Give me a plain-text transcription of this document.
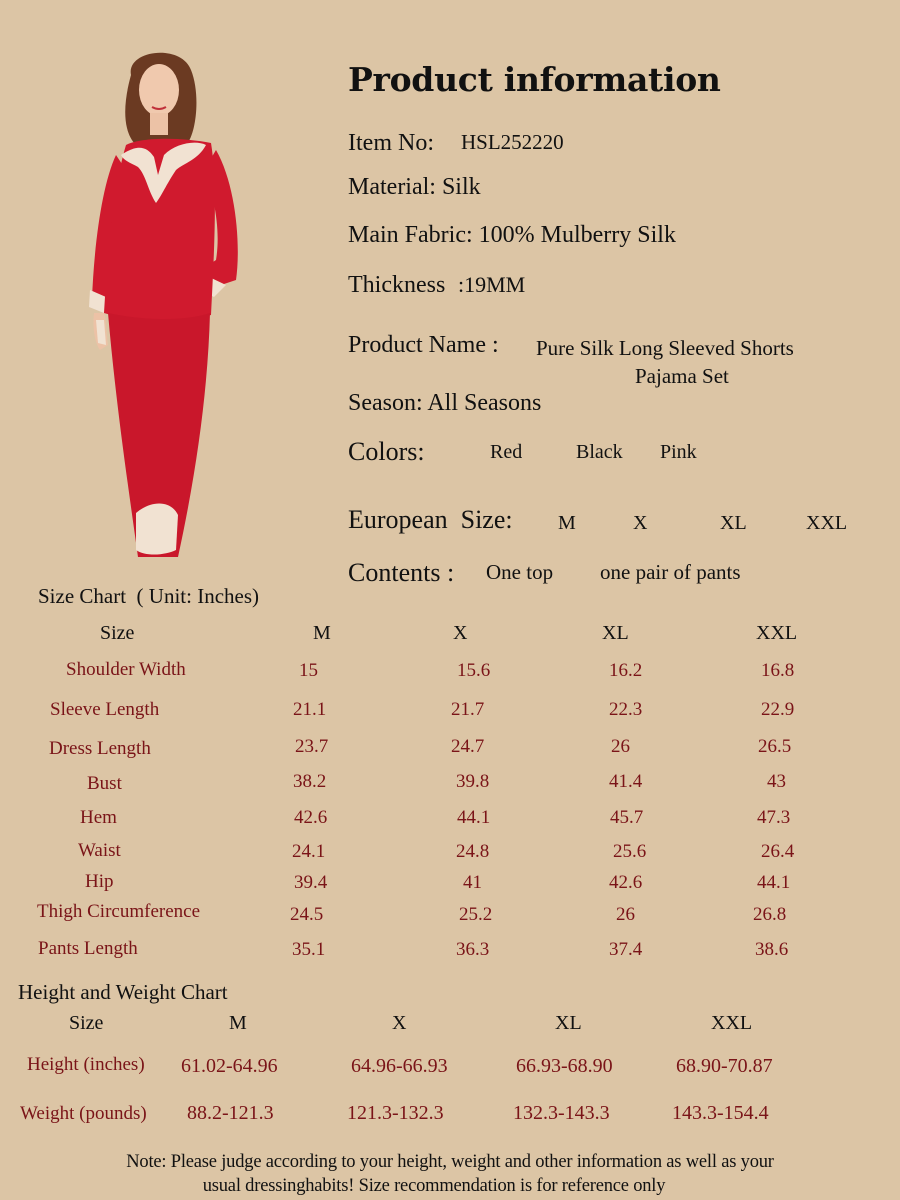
Product information
Item No: HSL252220
Material: Silk
Main Fabric: 100% Mulberry Silk
Thickness :19MM
Product Name : Pure Silk Long Sleeved Shorts
Pajama Set
Season: All Seasons
Colors:	Red	Black Pink
European  Size: M	X	XL	XXL
Contents : One top one pair of pants
Size Chart  ( Unit: Inches)
Size	M	X	XL	XXL
Shoulder Width	15	15.6	16.2	16.8
Sleeve Length	21.1	21.7	22.3	22.9
Dress Length	23.7	24.7	26	26.5
Bust	38.2	39.8	41.4	43
Hem	42.6	44.1	45.7	47.3
Waist	24.1	24.8	25.6	26.4
Hip	39.4	41	42.6	44.1
Thigh Circumference	24.5	25.2	26	26.8
Pants Length	35.1	36.3	37.4	38.6
Height and Weight Chart
Size	M	X	XL	XXL
Height (inches) 61.02-64.96	64.96-66.93	66.93-68.90	68.90-70.87
Weight (pounds) 88.2-121.3	121.3-132.3	132.3-143.3	143.3-154.4
Note: Please judge according to your height, weight and other information as well as your
usual dressinghabits! Size recommendation is for reference only
